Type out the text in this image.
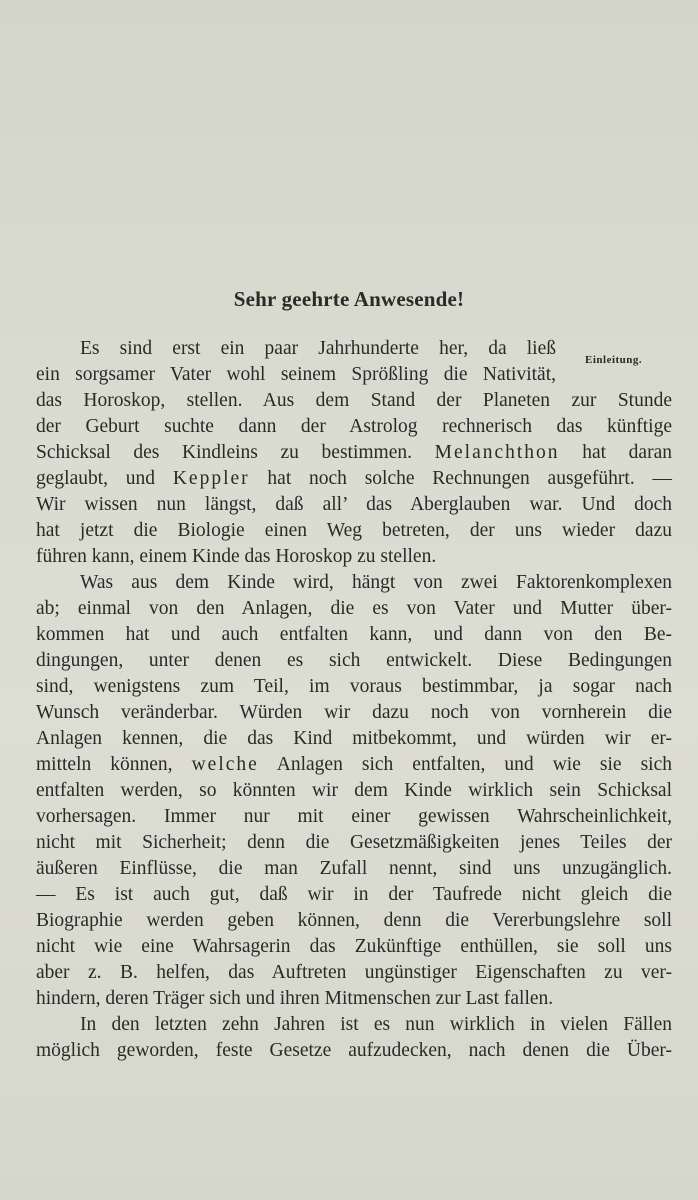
Sehr geehrte Anwesende!
Einleitung.
Es sind erst ein paar Jahrhunderte her, da ließ
ein sorgsamer Vater wohl seinem Sprößling die Nativität,
das Horoskop, stellen. Aus dem Stand der Planeten zur Stunde
der Geburt suchte dann der Astrolog rechnerisch das künftige
Schicksal des Kindleins zu bestimmen. Melanchthon hat daran
geglaubt, und Keppler hat noch solche Rechnungen ausgeführt. —
Wir wissen nun längst, daß all’ das Aberglauben war. Und doch
hat jetzt die Biologie einen Weg betreten, der uns wieder dazu
führen kann, einem Kinde das Horoskop zu stellen.
Was aus dem Kinde wird, hängt von zwei Faktorenkomplexen
ab; einmal von den Anlagen, die es von Vater und Mutter über-
kommen hat und auch entfalten kann, und dann von den Be-
dingungen, unter denen es sich entwickelt. Diese Bedingungen
sind, wenigstens zum Teil, im voraus bestimmbar, ja sogar nach
Wunsch veränderbar. Würden wir dazu noch von vornherein die
Anlagen kennen, die das Kind mitbekommt, und würden wir er-
mitteln können, welche Anlagen sich entfalten, und wie sie sich
entfalten werden, so könnten wir dem Kinde wirklich sein Schicksal
vorhersagen. Immer nur mit einer gewissen Wahrscheinlichkeit,
nicht mit Sicherheit; denn die Gesetzmäßigkeiten jenes Teiles der
äußeren Einflüsse, die man Zufall nennt, sind uns unzugänglich.
— Es ist auch gut, daß wir in der Taufrede nicht gleich die
Biographie werden geben können, denn die Vererbungslehre soll
nicht wie eine Wahrsagerin das Zukünftige enthüllen, sie soll uns
aber z. B. helfen, das Auftreten ungünstiger Eigenschaften zu ver-
hindern, deren Träger sich und ihren Mitmenschen zur Last fallen.
In den letzten zehn Jahren ist es nun wirklich in vielen Fällen
möglich geworden, feste Gesetze aufzudecken, nach denen die Über-
